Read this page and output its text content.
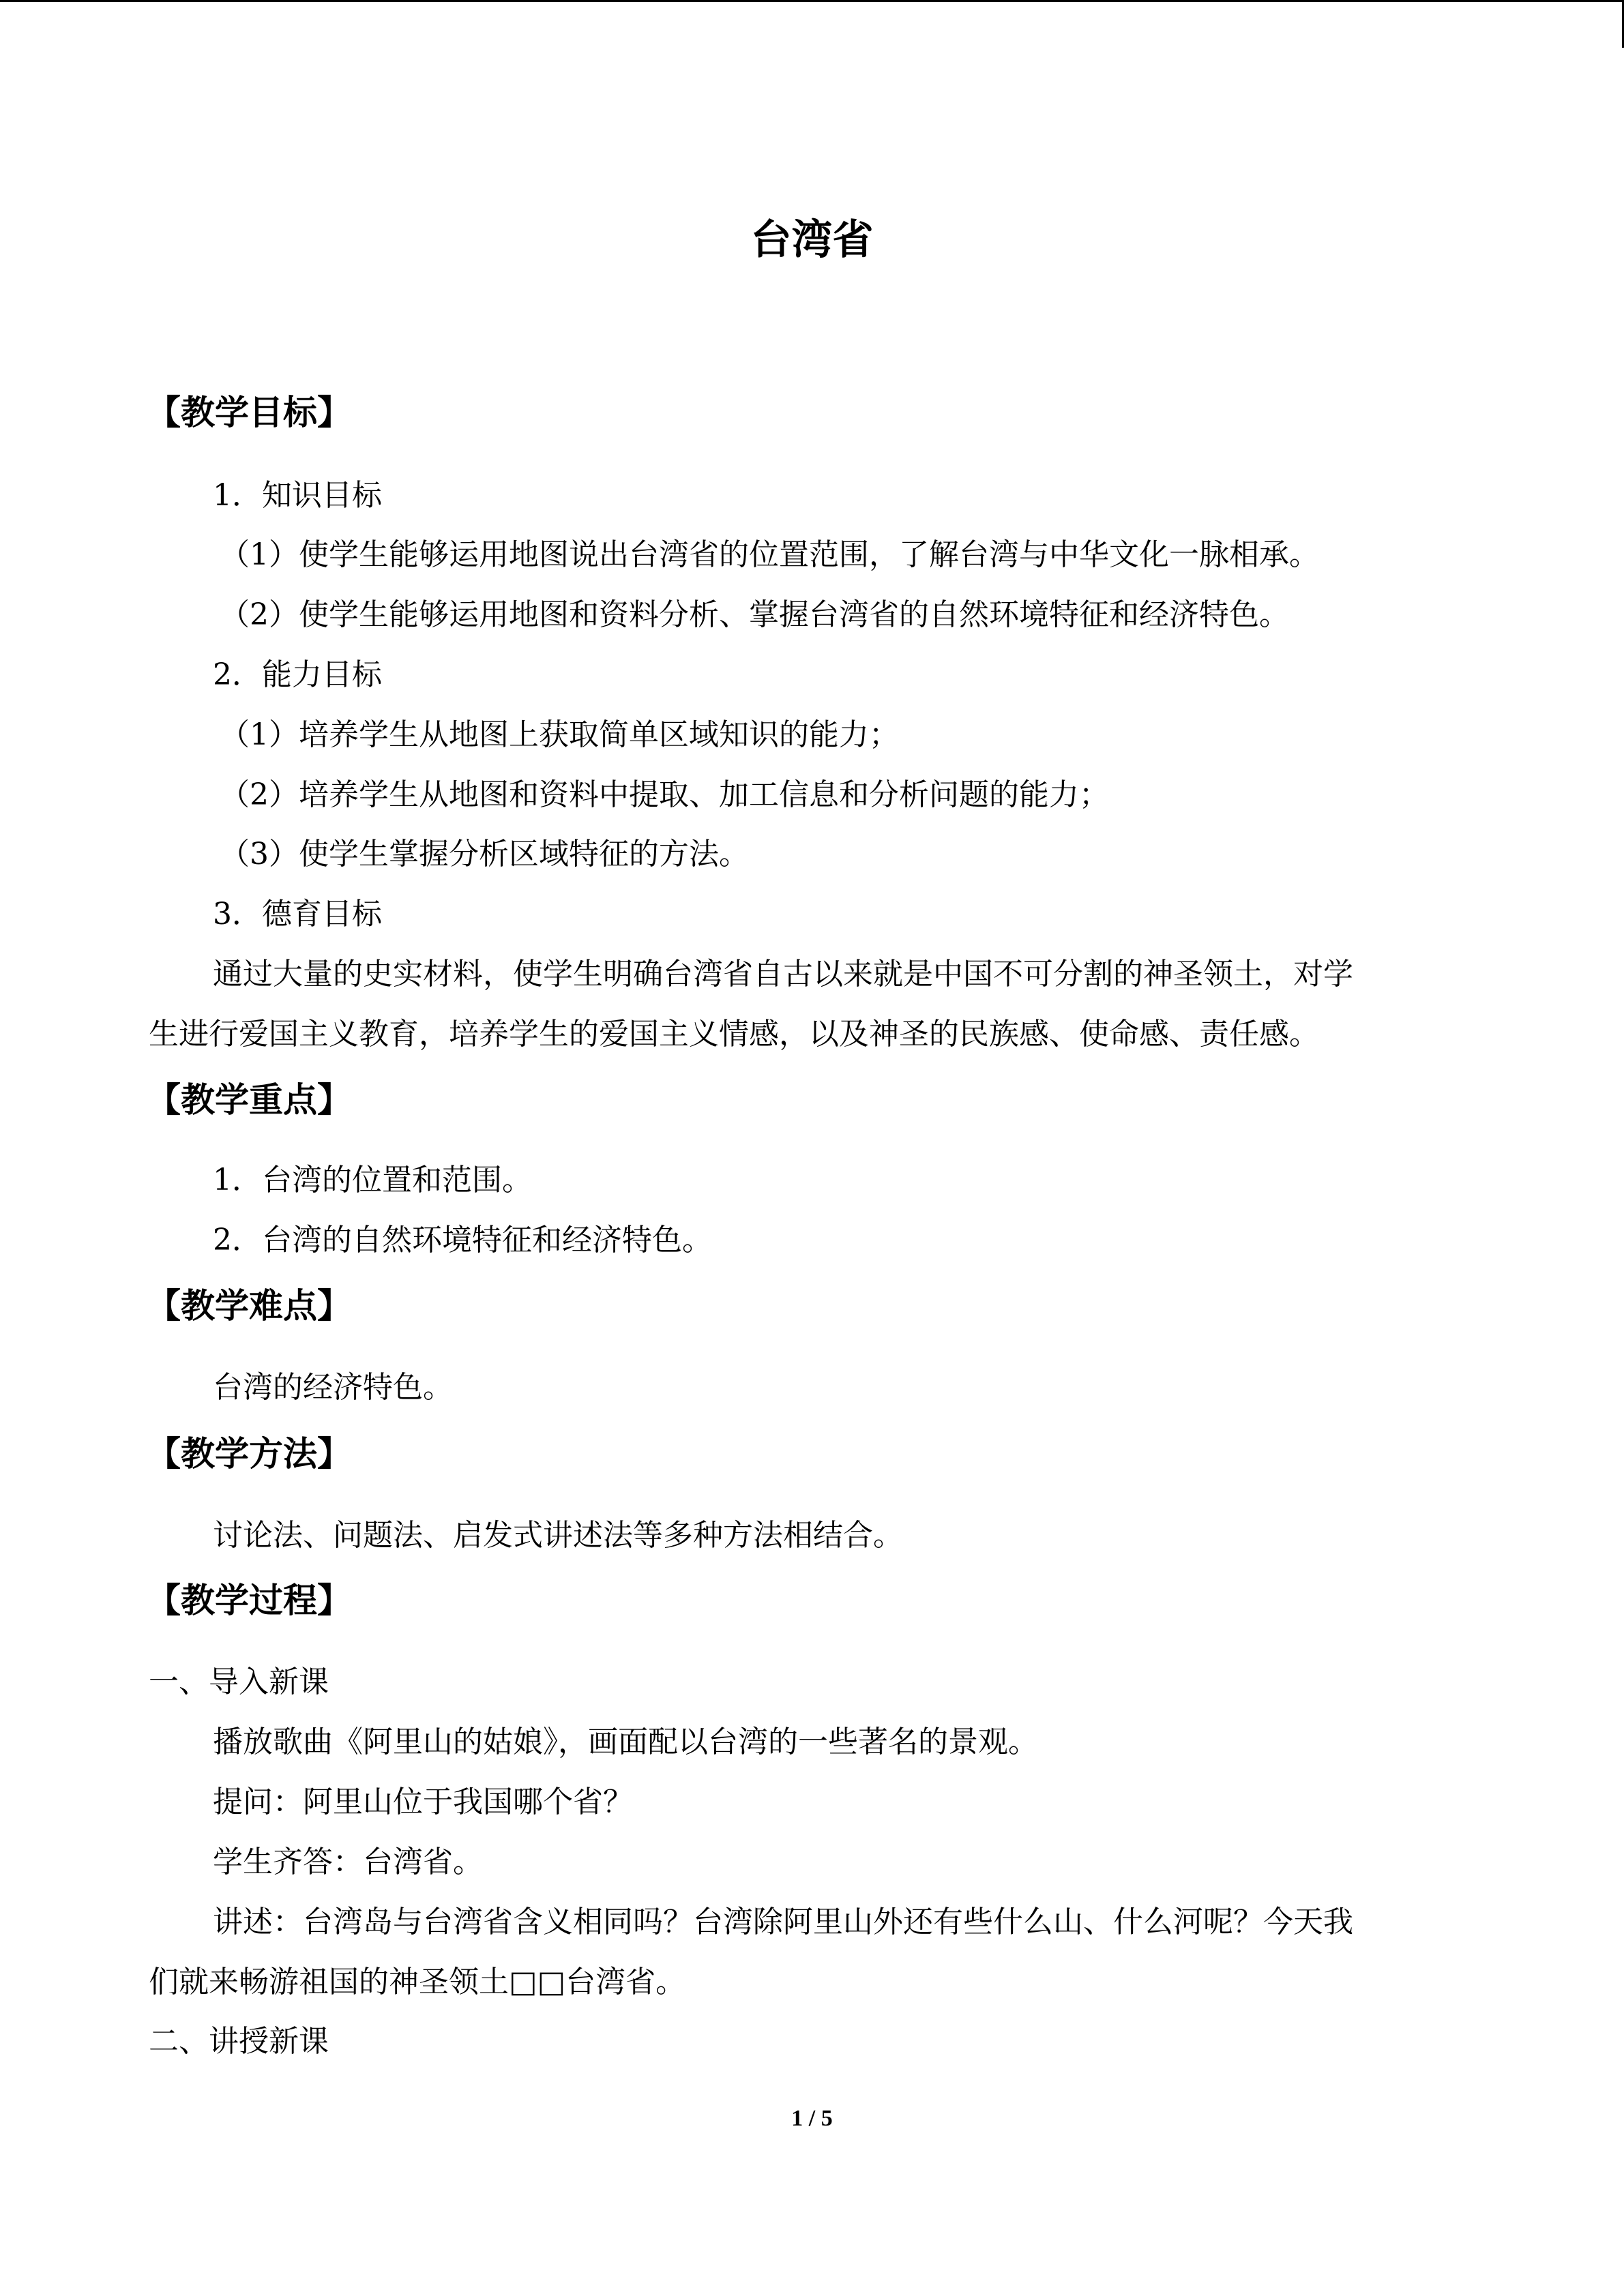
台湾省
【教学目标】
1．知识目标
（1）使学生能够运用地图说出台湾省的位置范围，了解台湾与中华文化一脉相承。
（2）使学生能够运用地图和资料分析、掌握台湾省的自然环境特征和经济特色。
2．能力目标
（1）培养学生从地图上获取简单区域知识的能力；
（2）培养学生从地图和资料中提取、加工信息和分析问题的能力；
（3）使学生掌握分析区域特征的方法。
3．德育目标
通过大量的史实材料，使学生明确台湾省自古以来就是中国不可分割的神圣领土，对学
生进行爱国主义教育，培养学生的爱国主义情感，以及神圣的民族感、使命感、责任感。
【教学重点】
1．台湾的位置和范围。
2．台湾的自然环境特征和经济特色。
【教学难点】
台湾的经济特色。
【教学方法】
讨论法、问题法、启发式讲述法等多种方法相结合。
【教学过程】
一、导入新课
播放歌曲《阿里山的姑娘》，画面配以台湾的一些著名的景观。
提问：阿里山位于我国哪个省？
学生齐答：台湾省。
讲述：台湾岛与台湾省含义相同吗？台湾除阿里山外还有些什么山、什么河呢？今天我
们就来畅游祖国的神圣领土□□台湾省。
二、讲授新课
1 / 5
